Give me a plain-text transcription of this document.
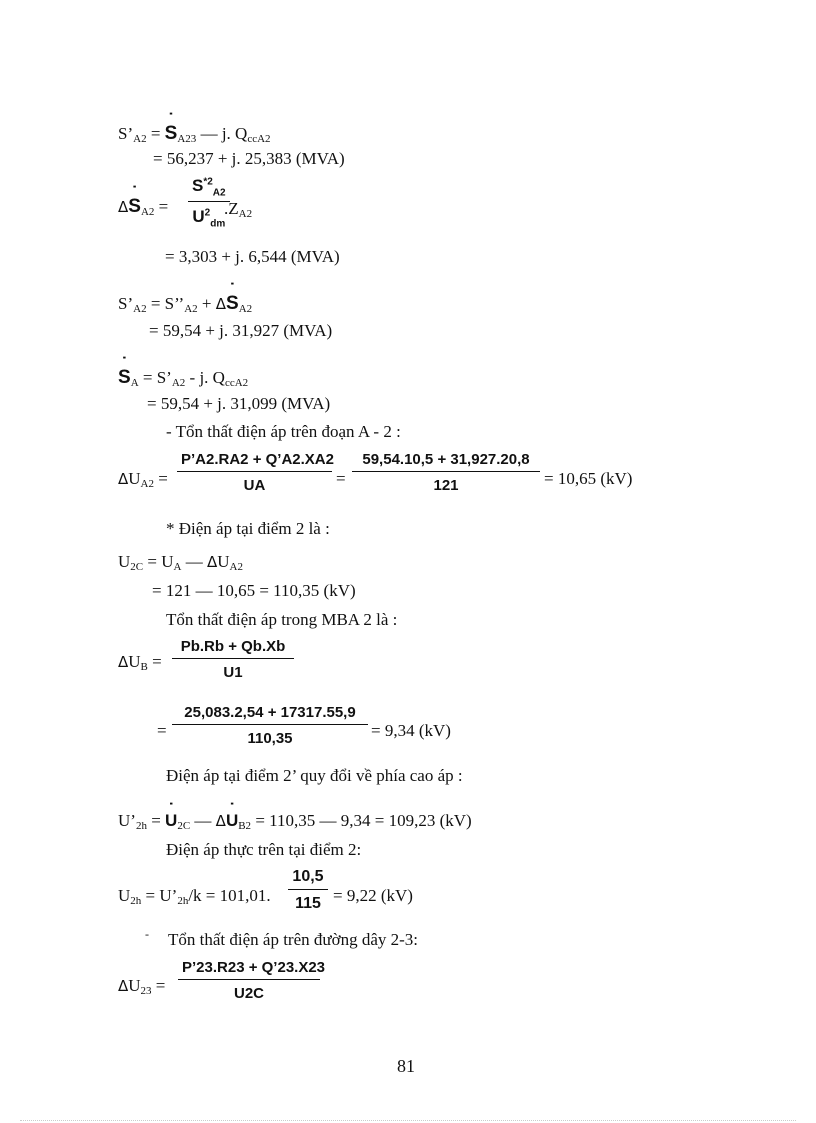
$S’_{A2}$ = ˙ $S_{A23}$ — j. $Q_{ccA2}$
= 56,237 + j. 25,383 (MVA)
Δ˙ $S_{A2} = \frac{S^{*2}_{A2}}{U^2_{dm}}$
$.Z_{A2}$
= 3,303 + j. 6,544 (MVA)
$S’_{A2}$ = $S’’_{A2}$ + Δ˙ $S_{A2}$
= 59,54 + j. 31,927 (MVA)
˙ $S_A$ = $S’_{A2}$ - j. $Q_{ccA2}$
= 59,54 + j. 31,099 (MVA)
- Tổn thất điện áp trên đoạn A - 2 :
$\Delta U_{A2} = \frac{P’A2.RA2 + Q’A2.XA2}{UA} = \frac{59,54.10,5 + 31,927.20,8}{121} = 10,65$ (kV)
* Điện áp tại điểm 2 là :
$U_{2C} = U_A$ — $\Delta U_{A2}$
= 121 — 10,65 = 110,35 (kV)
Tổn thất điện áp trong MBA 2 là :
$\Delta U_B = \frac{Pb.Rb + Qb.Xb}{U1}$
= $\frac{25,083.2,54 + 17317.55,9}{110,35} = 9,34$ (kV)
Điện áp tại điểm 2’ quy đổi về phía cao áp :
$U’_{2h}$ = ˙ $U_{2C}$ — Δ˙ $U_{B2} = 110,35$ — 9,34 = 109,23 (kV)
Điện áp thực trên tại điểm 2:
$U_{2h}$ = $U’_{2h}/k = 101,01$. $\frac{10,5}{115} = 9,22$ (kV)
- Tổn thất điện áp trên đường dây 2-3:
$\Delta U_{23} = \frac{P’23.R23 + Q’23.X23}{U2C}$
81
